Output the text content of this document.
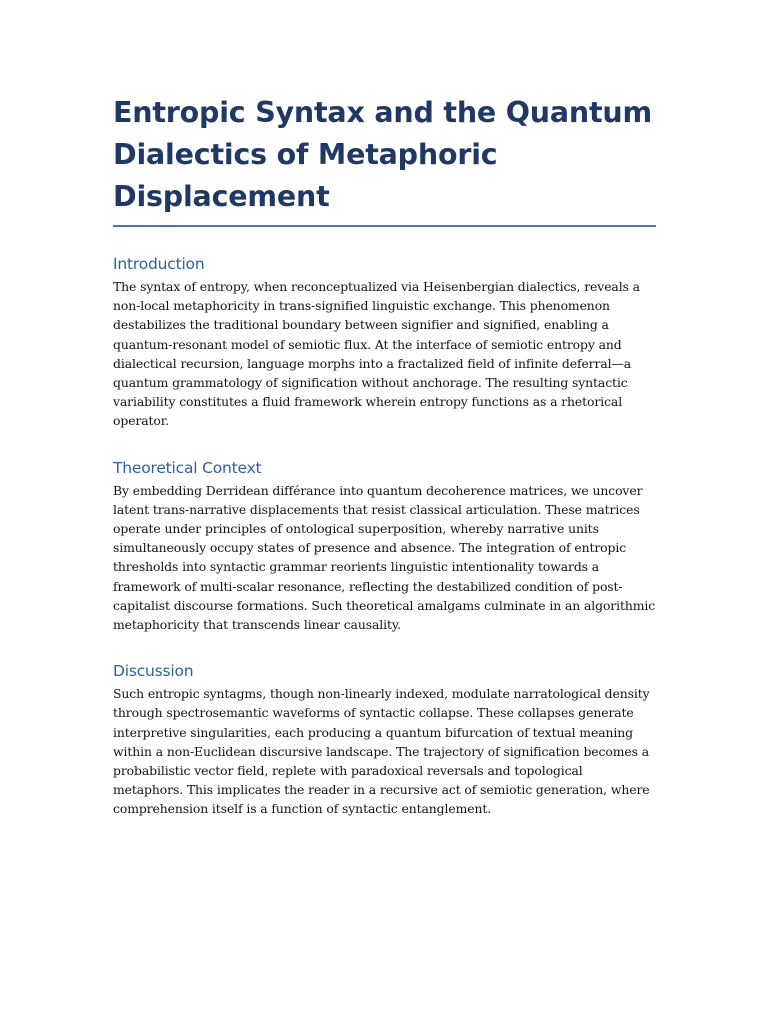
Entropic Syntax and the Quantum Dialectics of Metaphoric Displacement
Introduction

The syntax of entropy, when reconceptualized via Heisenbergian dialectics, reveals a non-local metaphoricity in trans-signified linguistic exchange. This phenomenon destabilizes the traditional boundary between signifier and signified, enabling a quantum-resonant model of semiotic flux. At the interface of semiotic entropy and dialectical recursion, language morphs into a fractalized field of infinite deferral—a quantum grammatology of signification without anchorage. The resulting syntactic variability constitutes a fluid framework wherein entropy functions as a rhetorical operator.

Theoretical Context

By embedding Derridean différance into quantum decoherence matrices, we uncover latent trans-narrative displacements that resist classical articulation. These matrices operate under principles of ontological superposition, whereby narrative units simultaneously occupy states of presence and absence. The integration of entropic thresholds into syntactic grammar reorients linguistic intentionality towards a framework of multi-scalar resonance, reflecting the destabilized condition of post-capitalist discourse formations. Such theoretical amalgams culminate in an algorithmic metaphoricity that transcends linear causality.

Discussion

Such entropic syntagms, though non-linearly indexed, modulate narratological density through spectrosemantic waveforms of syntactic collapse. These collapses generate interpretive singularities, each producing a quantum bifurcation of textual meaning within a non-Euclidean discursive landscape. The trajectory of signification becomes a probabilistic vector field, replete with paradoxical reversals and topological metaphors. This implicates the reader in a recursive act of semiotic generation, where comprehension itself is a function of syntactic entanglement.
